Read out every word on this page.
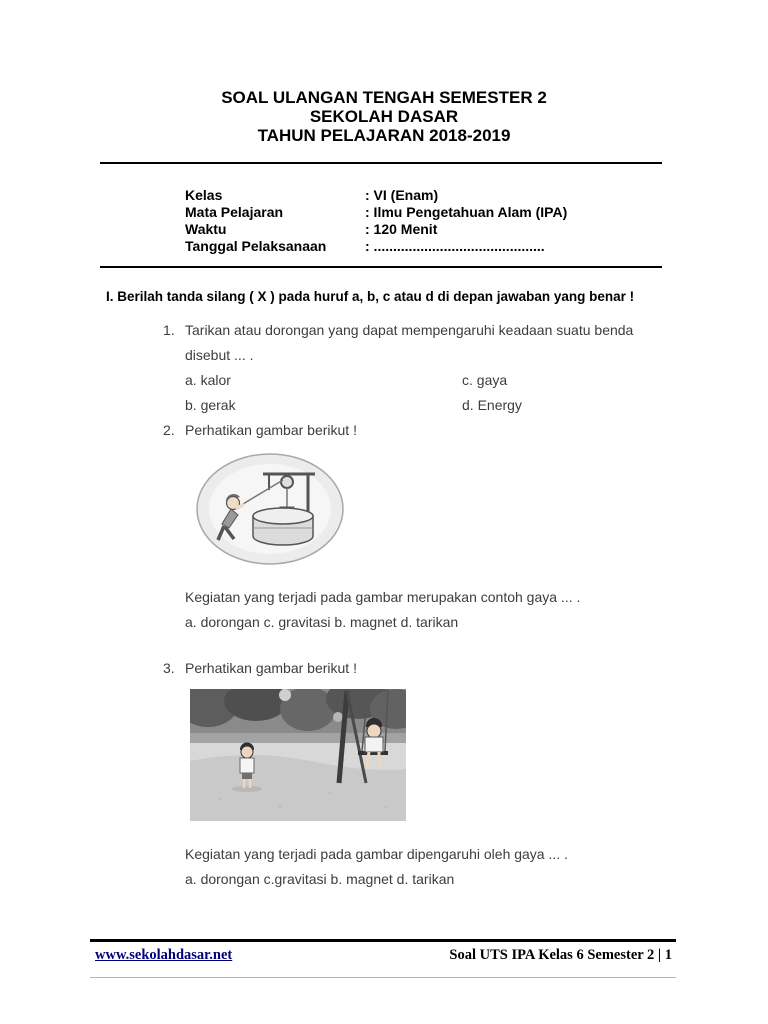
SOAL ULANGAN TENGAH SEMESTER 2
SEKOLAH DASAR
TAHUN PELAJARAN 2018-2019
Kelas	: VI (Enam)
Mata Pelajaran	: Ilmu Pengetahuan Alam (IPA)
Waktu	: 120 Menit
Tanggal Pelaksanaan	: ............................................
I. Berilah tanda silang ( X ) pada huruf a, b, c atau d di depan jawaban yang benar !
1. Tarikan atau dorongan yang dapat mempengaruhi keadaan suatu benda disebut ... .
a. kalor	c. gaya
b. gerak	d. Energy
2. Perhatikan gambar berikut !
Kegiatan yang terjadi pada gambar merupakan contoh gaya ... .
a. dorongan c. gravitasi b. magnet d. tarikan
3. Perhatikan gambar berikut !
Kegiatan yang terjadi pada gambar dipengaruhi oleh gaya ... .
a. dorongan c.gravitasi b. magnet d. tarikan
www.sekolahdasar.net	Soal UTS IPA Kelas 6 Semester 2 | 1
